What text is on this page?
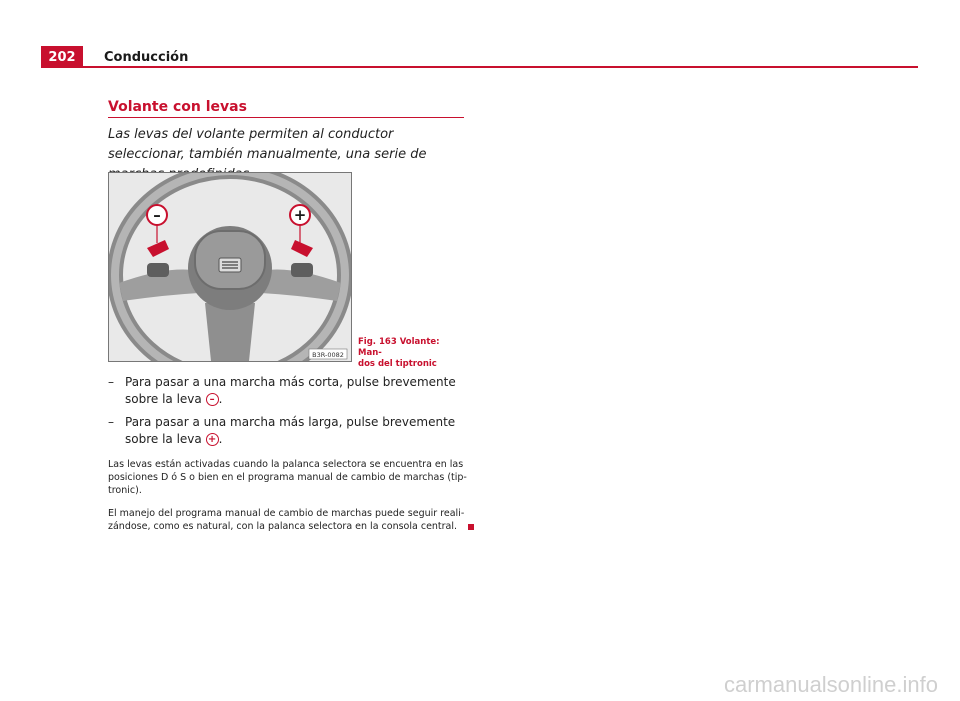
202	Conducción
Volante con levas
Las levas del volante permiten al conductor seleccionar, también manualmente, una serie de
–	+
B3R-0082
Fig. 163 Volante: Man-
dos del tiptronic
– Para pasar a una marcha más corta, pulse brevemente sobre la leva – .
– Para pasar a una marcha más larga, pulse brevemente sobre la leva + .
Las levas están activadas cuando la palanca selectora se encuentra en las posiciones D ó S o bien en el programa manual de cambio de marchas (tip-tronic).
El manejo del programa manual de cambio de marchas puede seguir reali-zándose, como es natural, con la palanca selectora en la consola central.
carmanualsonline.info
